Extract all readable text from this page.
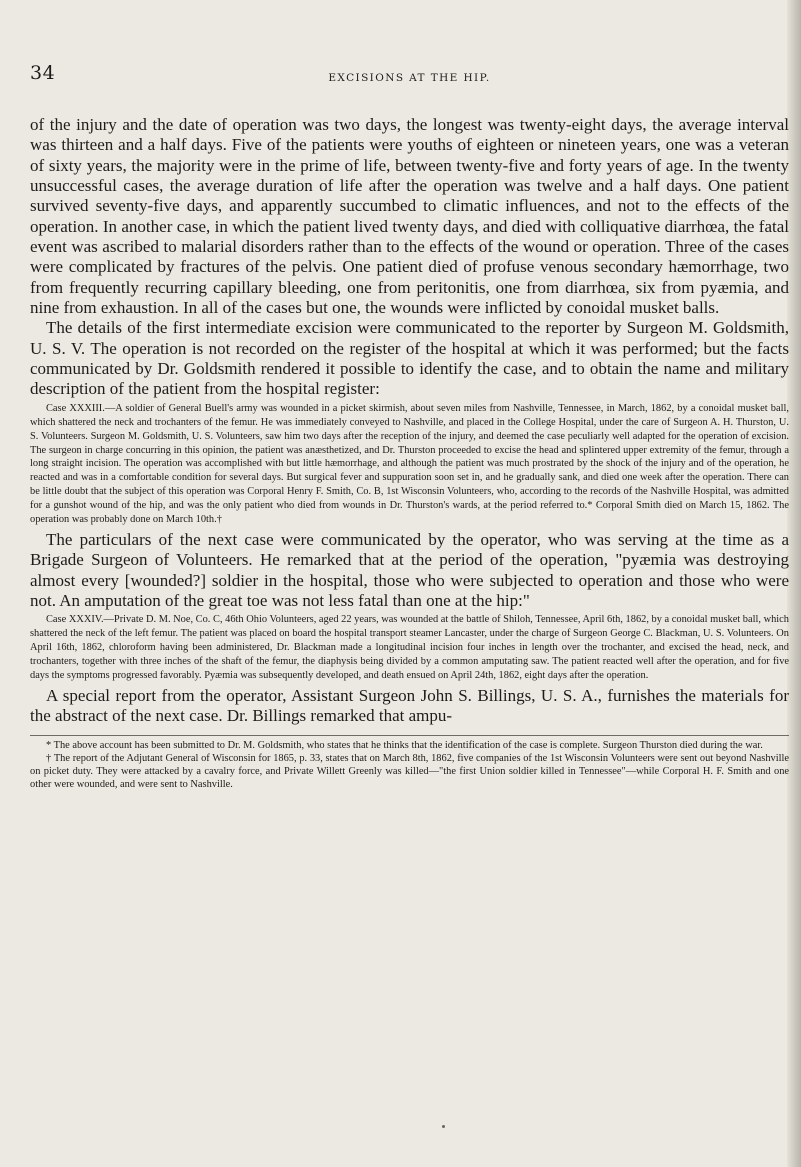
34	EXCISIONS AT THE HIP.

of the injury and the date of operation was two days, the longest was twenty-eight days, the average interval was thirteen and a half days. Five of the patients were youths of eighteen or nineteen years, one was a veteran of sixty years, the majority were in the prime of life, between twenty-five and forty years of age. In the twenty unsuccessful cases, the average duration of life after the operation was twelve and a half days. One patient survived seventy-five days, and apparently succumbed to climatic influences, and not to the effects of the operation. In another case, in which the patient lived twenty days, and died with colliquative diarrhœa, the fatal event was ascribed to malarial disorders rather than to the effects of the wound or operation. Three of the cases were complicated by fractures of the pelvis. One patient died of profuse venous secondary hæmorrhage, two from frequently recurring capillary bleeding, one from peritonitis, one from diarrhœa, six from pyæmia, and nine from exhaustion. In all of the cases but one, the wounds were inflicted by conoidal musket balls.

The details of the first intermediate excision were communicated to the reporter by Surgeon M. Goldsmith, U. S. V. The operation is not recorded on the register of the hospital at which it was performed; but the facts communicated by Dr. Goldsmith rendered it possible to identify the case, and to obtain the name and military description of the patient from the hospital register:

Case XXXIII.—A soldier of General Buell's army was wounded in a picket skirmish, about seven miles from Nashville, Tennessee, in March, 1862, by a conoidal musket ball, which shattered the neck and trochanters of the femur. He was immediately conveyed to Nashville, and placed in the College Hospital, under the care of Surgeon A. H. Thurston, U. S. Volunteers. Surgeon M. Goldsmith, U. S. Volunteers, saw him two days after the reception of the injury, and deemed the case peculiarly well adapted for the operation of excision. The surgeon in charge concurring in this opinion, the patient was anæsthetized, and Dr. Thurston proceeded to excise the head and splintered upper extremity of the femur, through a long straight incision. The operation was accomplished with but little hæmorrhage, and although the patient was much prostrated by the shock of the injury and of the operation, he reacted and was in a comfortable condition for several days. But surgical fever and suppuration soon set in, and he gradually sank, and died one week after the operation. There can be little doubt that the subject of this operation was Corporal Henry F. Smith, Co. B, 1st Wisconsin Volunteers, who, according to the records of the Nashville Hospital, was admitted for a gunshot wound of the hip, and was the only patient who died from wounds in Dr. Thurston's wards, at the period referred to.* Corporal Smith died on March 15, 1862. The operation was probably done on March 10th.†

The particulars of the next case were communicated by the operator, who was serving at the time as a Brigade Surgeon of Volunteers. He remarked that at the period of the operation, "pyæmia was destroying almost every [wounded?] soldier in the hospital, those who were subjected to operation and those who were not. An amputation of the great toe was not less fatal than one at the hip:"

Case XXXIV.—Private D. M. Noe, Co. C, 46th Ohio Volunteers, aged 22 years, was wounded at the battle of Shiloh, Tennessee, April 6th, 1862, by a conoidal musket ball, which shattered the neck of the left femur. The patient was placed on board the hospital transport steamer Lancaster, under the charge of Surgeon George C. Blackman, U. S. Volunteers. On April 16th, 1862, chloroform having been administered, Dr. Blackman made a longitudinal incision four inches in length over the trochanter, and excised the head, neck, and trochanters, together with three inches of the shaft of the femur, the diaphysis being divided by a common amputating saw. The patient reacted well after the operation, and for five days the symptoms progressed favorably. Pyæmia was subsequently developed, and death ensued on April 24th, 1862, eight days after the operation.

A special report from the operator, Assistant Surgeon John S. Billings, U. S. A., furnishes the materials for the abstract of the next case. Dr. Billings remarked that ampu-

* The above account has been submitted to Dr. M. Goldsmith, who states that he thinks that the identification of the case is complete. Surgeon Thurston died during the war.

† The report of the Adjutant General of Wisconsin for 1865, p. 33, states that on March 8th, 1862, five companies of the 1st Wisconsin Volunteers were sent out beyond Nashville on picket duty. They were attacked by a cavalry force, and Private Willett Greenly was killed—"the first Union soldier killed in Tennessee"—while Corporal H. F. Smith and one other were wounded, and were sent to Nashville.
